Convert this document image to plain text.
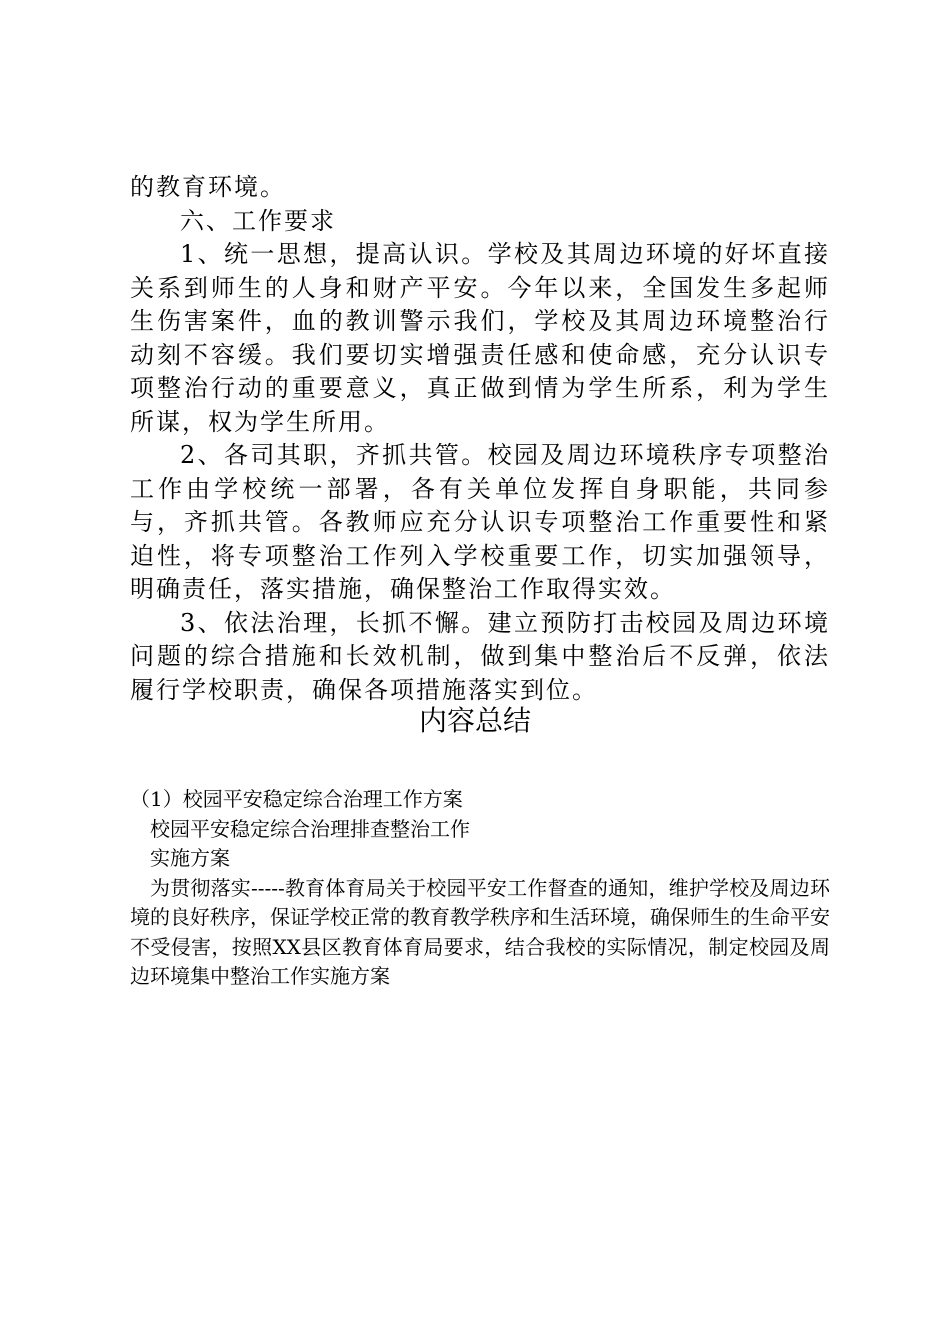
的教育环境。

六、工作要求

1、统一思想，提高认识。学校及其周边环境的好坏直接关系到师生的人身和财产平安。今年以来，全国发生多起师生伤害案件，血的教训警示我们，学校及其周边环境整治行动刻不容缓。我们要切实增强责任感和使命感，充分认识专项整治行动的重要意义，真正做到情为学生所系，利为学生所谋，权为学生所用。

2、各司其职，齐抓共管。校园及周边环境秩序专项整治工作由学校统一部署，各有关单位发挥自身职能，共同参与，齐抓共管。各教师应充分认识专项整治工作重要性和紧迫性，将专项整治工作列入学校重要工作，切实加强领导，明确责任，落实措施，确保整治工作取得实效。

3、依法治理，长抓不懈。建立预防打击校园及周边环境问题的综合措施和长效机制，做到集中整治后不反弹，依法履行学校职责，确保各项措施落实到位。

内容总结

（1）校园平安稳定综合治理工作方案

校园平安稳定综合治理排查整治工作

实施方案

为贯彻落实-----教育体育局关于校园平安工作督查的通知，维护学校及周边环境的良好秩序，保证学校正常的教育教学秩序和生活环境，确保师生的生命平安不受侵害，按照XX县区教育体育局要求，结合我校的实际情况，制定校园及周边环境集中整治工作实施方案
